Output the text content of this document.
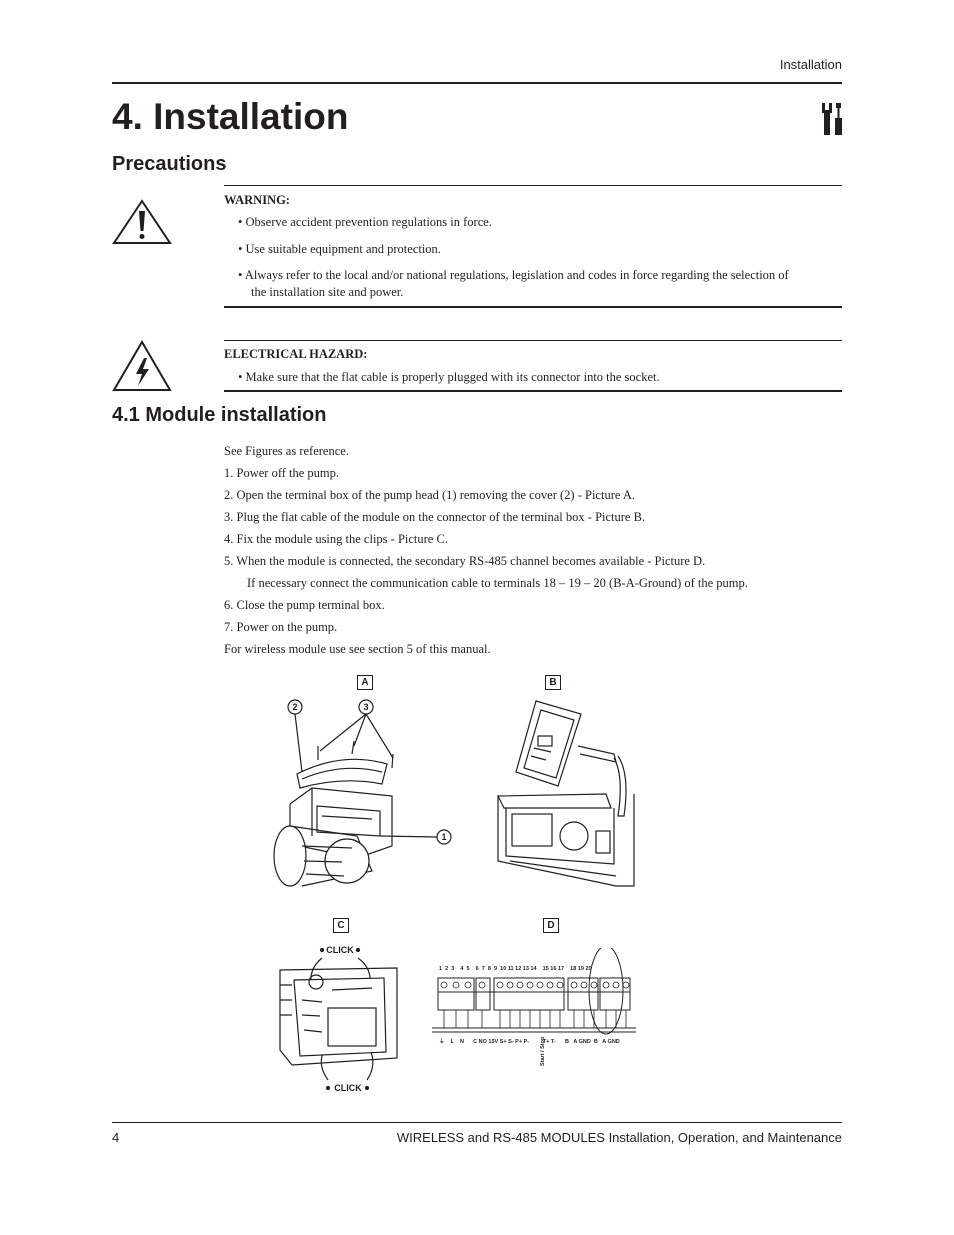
Installation
4. Installation
Precautions
WARNING:
• Observe accident prevention regulations in force.
• Use suitable equipment and protection.
• Always refer to the local and/or national regulations, legislation and codes in force regarding the selection of
the installation site and power.
ELECTRICAL HAZARD:
• Make sure that the flat cable is properly plugged with its connector into the socket.
4.1 Module installation
See Figures as reference.
1. Power off the pump.
2. Open the terminal box of the pump head (1) removing the cover (2) - Picture A.
3. Plug the flat cable of the module on the connector of the terminal box - Picture B.
4. Fix the module using the clips - Picture C.
5. When the module is connected, the secondary RS-485 channel becomes available - Picture D.
If necessary connect the communication cable to terminals 18 – 19 – 20 (B-A-Ground) of the pump.
6. Close the pump terminal box.
7. Power on the pump.
For wireless module use see section 5 of this manual.
A
2	3
1
B
C
CLICK
CLICK
D
1  2  3    4  5    6  7  8  9  10 11 12 13 14    15 16 17    18 19 20
⏚    L    N      C NO 15V S+ S- P+ P-         T+ T-      B   A GND  B   A GND
Start / Stop
4	WIRELESS and RS-485 MODULES Installation, Operation, and Maintenance
